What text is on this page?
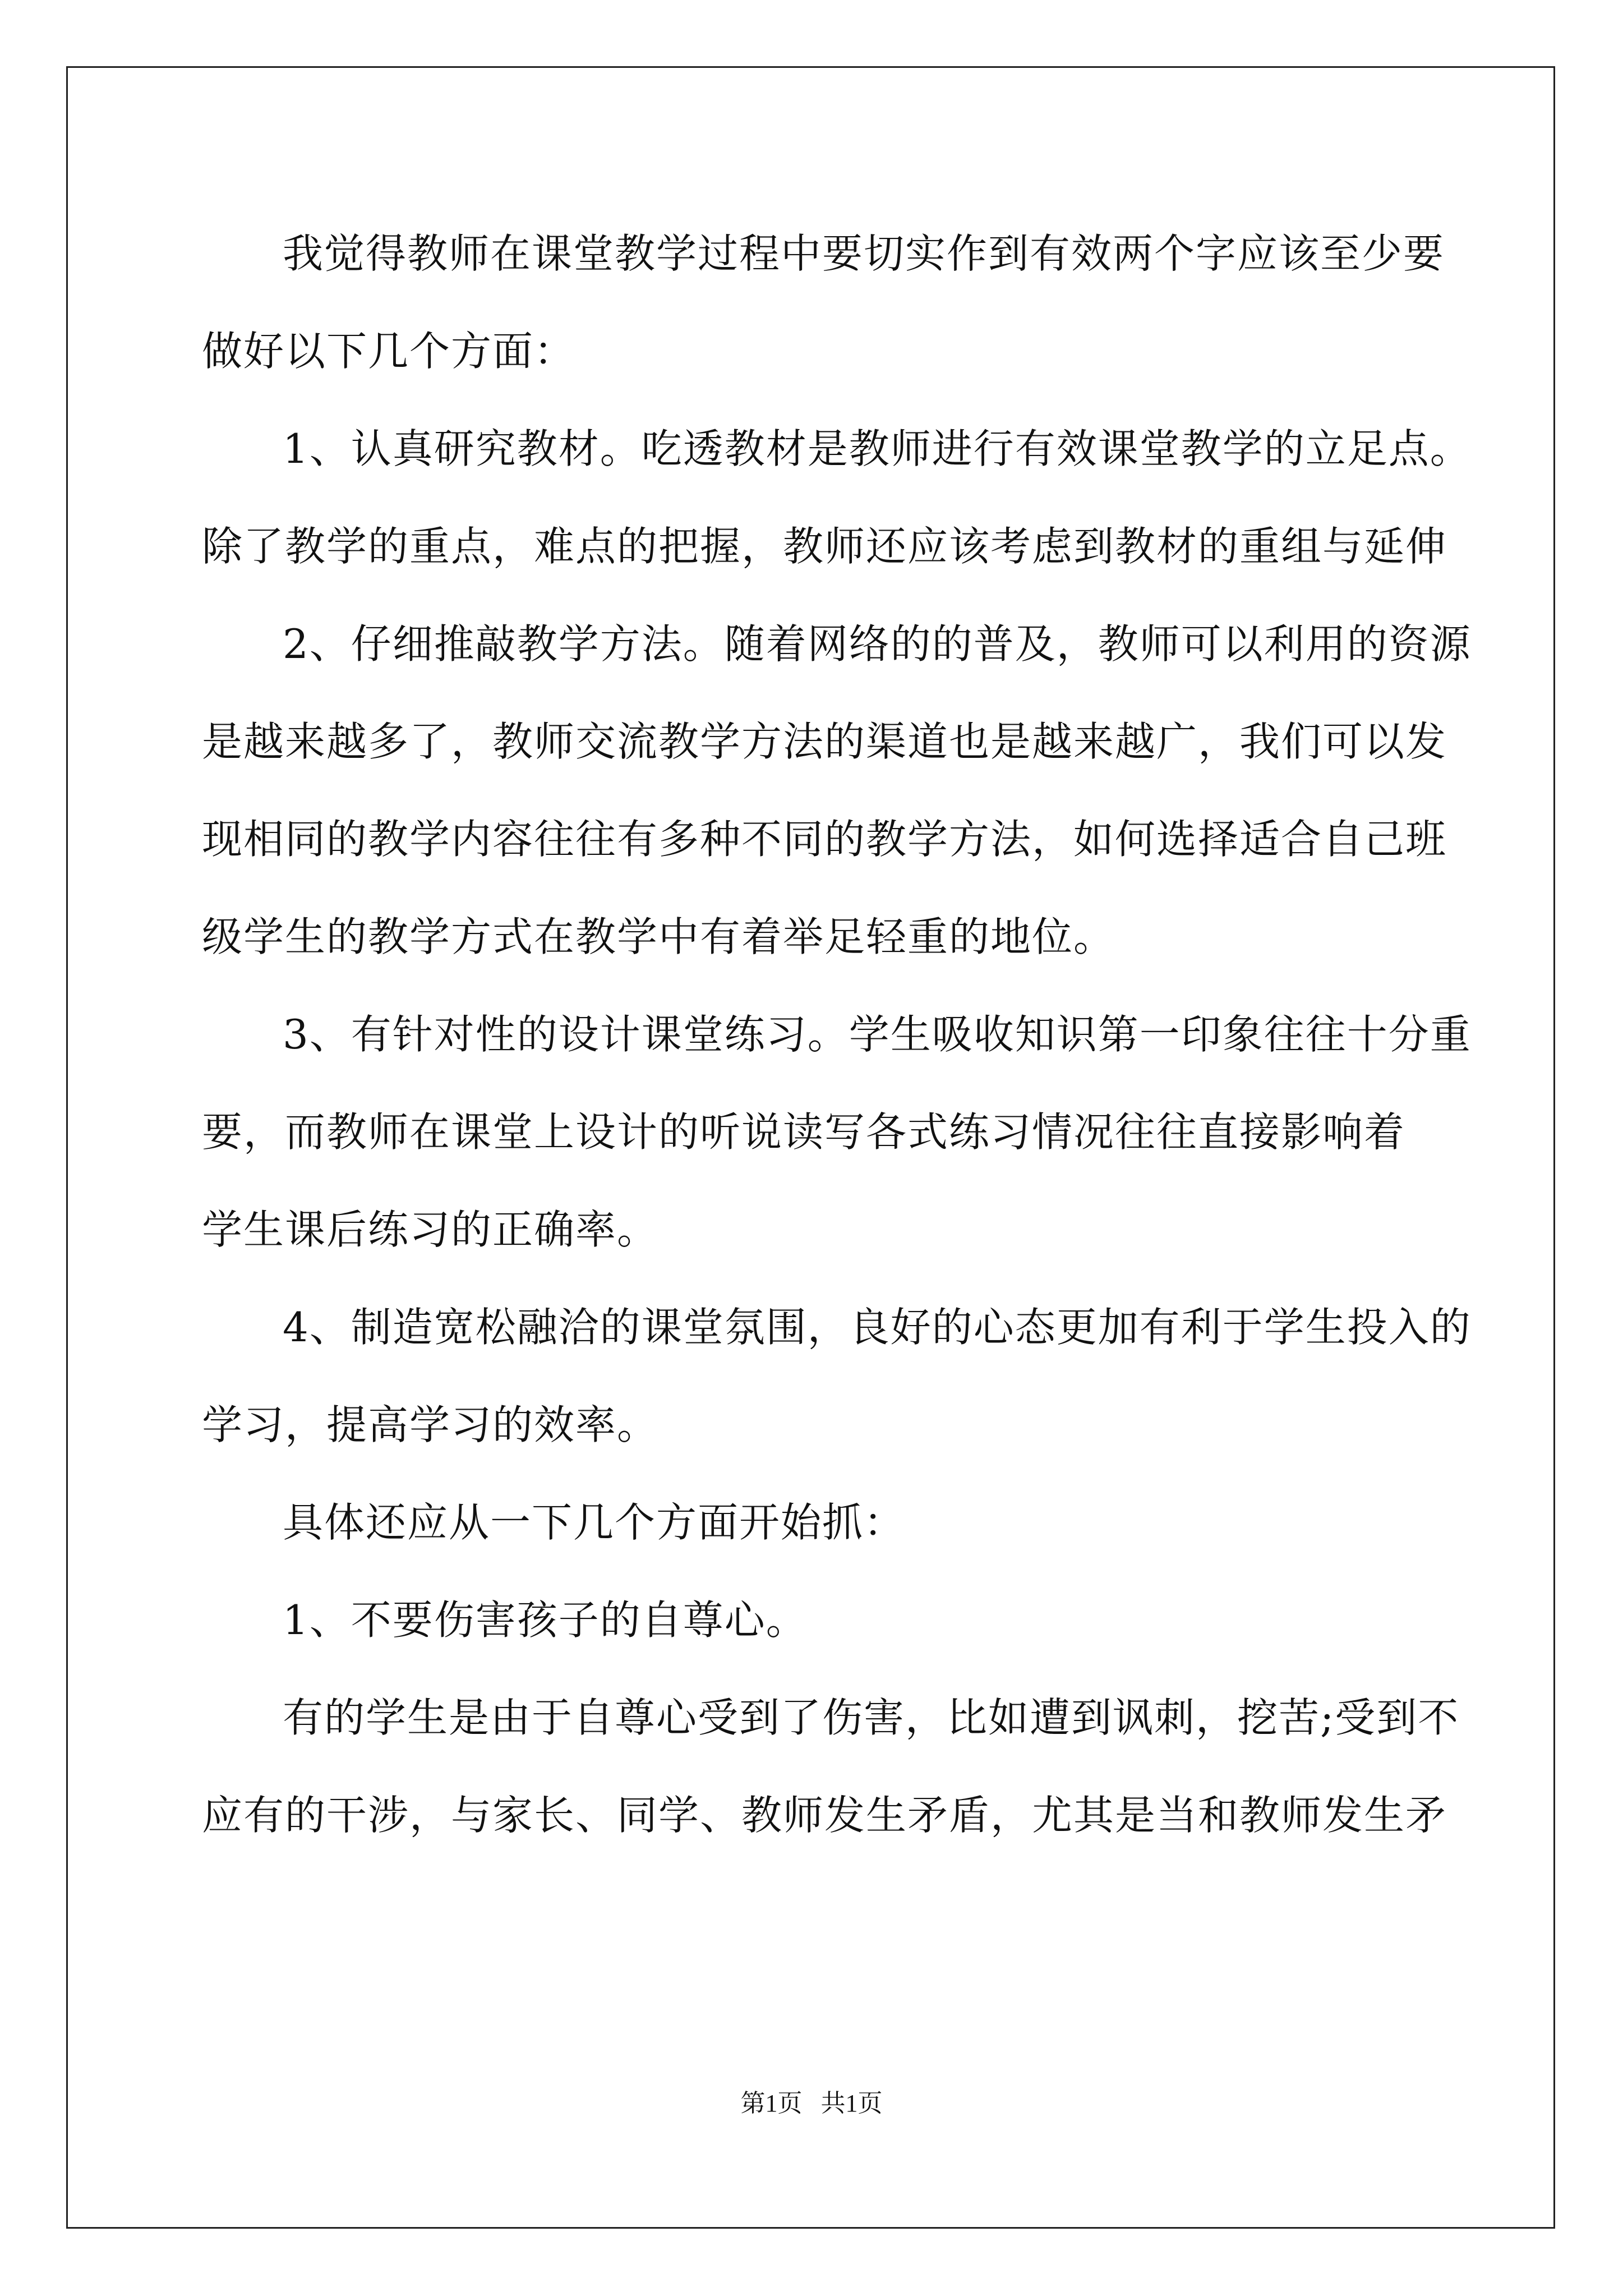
我觉得教师在课堂教学过程中要切实作到有效两个字应该至少要
做好以下几个方面：
1、认真研究教材。吃透教材是教师进行有效课堂教学的立足点。
除了教学的重点，难点的把握，教师还应该考虑到教材的重组与延伸
2、仔细推敲教学方法。随着网络的的普及，教师可以利用的资源
是越来越多了，教师交流教学方法的渠道也是越来越广，我们可以发
现相同的教学内容往往有多种不同的教学方法，如何选择适合自己班
级学生的教学方式在教学中有着举足轻重的地位。
3、有针对性的设计课堂练习。学生吸收知识第一印象往往十分重
要，而教师在课堂上设计的听说读写各式练习情况往往直接影响着
学生课后练习的正确率。
4、制造宽松融洽的课堂氛围，良好的心态更加有利于学生投入的
学习，提高学习的效率。
具体还应从一下几个方面开始抓：
1、不要伤害孩子的自尊心。
有的学生是由于自尊心受到了伤害，比如遭到讽刺，挖苦;受到不
应有的干涉，与家长、同学、教师发生矛盾，尤其是当和教师发生矛
第1页   共1页
